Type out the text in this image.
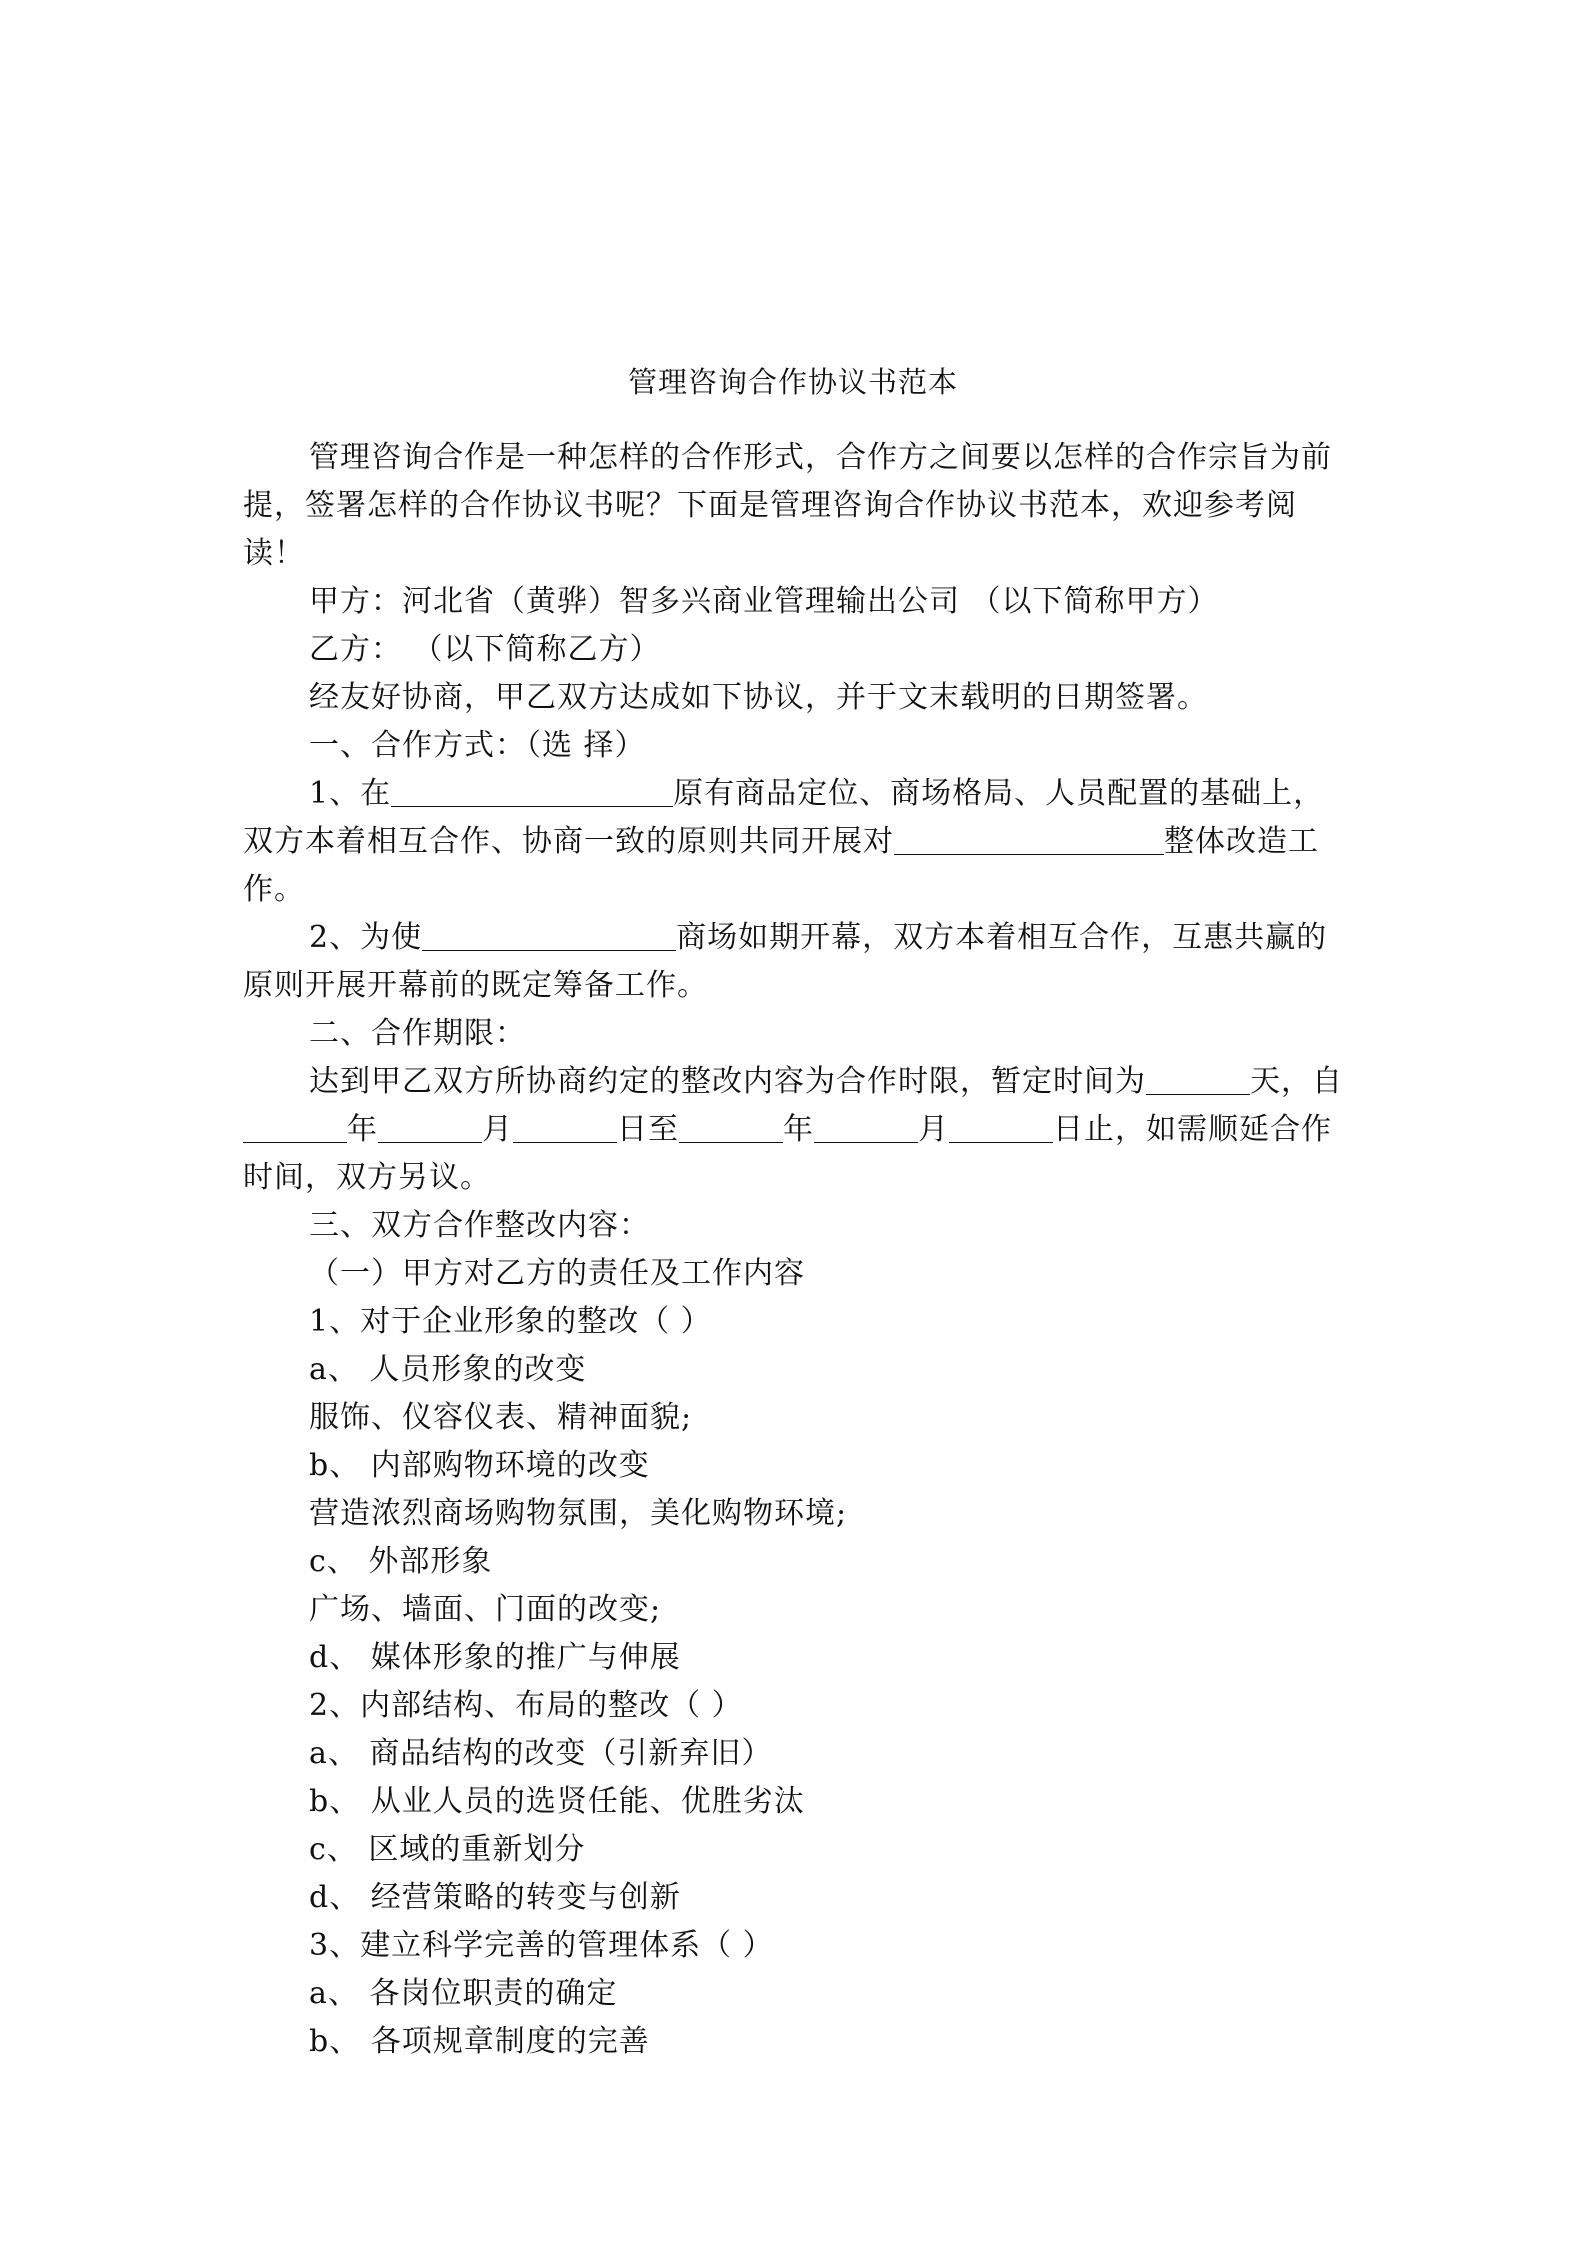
管理咨询合作协议书范本

管理咨询合作是一种怎样的合作形式，合作方之间要以怎样的合作宗旨为前提，签署怎样的合作协议书呢？下面是管理咨询合作协议书范本，欢迎参考阅读！

甲方：河北省（黄骅）智多兴商业管理输出公司 （以下简称甲方）

乙方： （以下简称乙方）

经友好协商，甲乙双方达成如下协议，并于文末载明的日期签署。

一、合作方式：（选 择）

1、在	原有商品定位、商场格局、人员配置的基础上，双方本着相互合作、协商一致的原则共同开展对	整体改造工作。

2、为使	商场如期开幕，双方本着相互合作，互惠共赢的原则开展开幕前的既定筹备工作。

二、合作期限：

达到甲乙双方所协商约定的整改内容为合作时限，暂定时间为	天，自年	月	日至	年	月	日止，如需顺延合作时间，双方另议。

三、双方合作整改内容：

（一）甲方对乙方的责任及工作内容

1、对于企业形象的整改（ ）

a、 人员形象的改变

服饰、仪容仪表、精神面貌;

b、 内部购物环境的改变

营造浓烈商场购物氛围，美化购物环境;

c、 外部形象

广场、墙面、门面的改变;

d、 媒体形象的推广与伸展

2、内部结构、布局的整改（ ）

a、 商品结构的改变（引新弃旧）

b、 从业人员的选贤任能、优胜劣汰

c、 区域的重新划分

d、 经营策略的转变与创新

3、建立科学完善的管理体系（ ）

a、 各岗位职责的确定

b、 各项规章制度的完善
